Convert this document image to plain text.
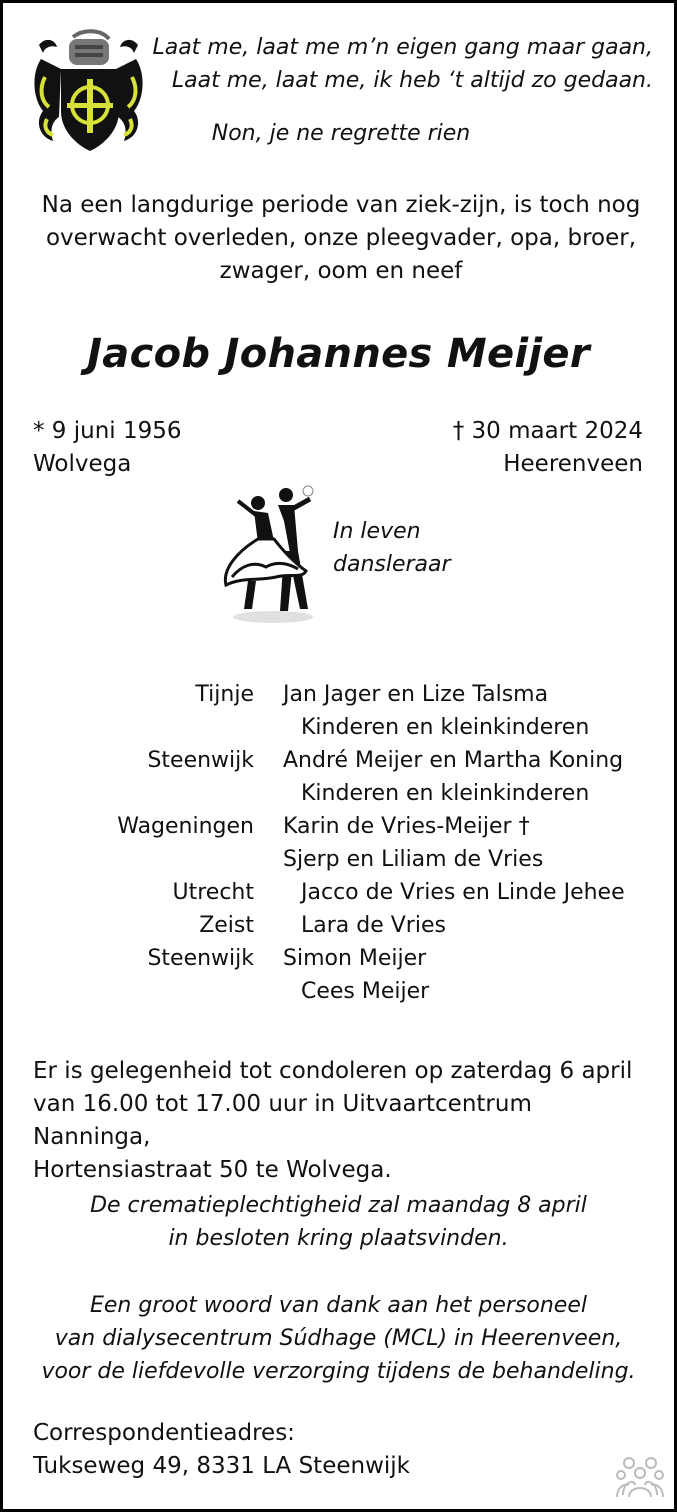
Laat me, laat me m’n eigen gang maar gaan,
Laat me, laat me, ik heb ‘t altijd zo gedaan.
Non, je ne regrette rien
Na een langdurige periode van ziek-zijn, is toch nog
overwacht overleden, onze pleegvader, opa, broer,
zwager, oom en neef
Jacob Johannes Meijer
* 9 juni 1956
Wolvega
† 30 maart 2024
Heerenveen
In leven
dansleraar
Tijnje Jan Jager en Lize Talsma
Kinderen en kleinkinderen
Steenwijk André Meijer en Martha Koning
Kinderen en kleinkinderen
Wageningen Karin de Vries-Meijer †
Sjerp en Liliam de Vries
Utrecht Jacco de Vries en Linde Jehee
Zeist Lara de Vries
Steenwijk Simon Meijer
Cees Meijer
Er is gelegenheid tot condoleren op zaterdag 6 april
van 16.00 tot 17.00 uur in Uitvaartcentrum Nanninga,
Hortensiastraat 50 te Wolvega.
De crematieplechtigheid zal maandag 8 april
in besloten kring plaatsvinden.
Een groot woord van dank aan het personeel
van dialysecentrum Súdhage (MCL) in Heerenveen,
voor de liefdevolle verzorging tijdens de behandeling.
Correspondentieadres:
Tukseweg 49, 8331 LA Steenwijk
